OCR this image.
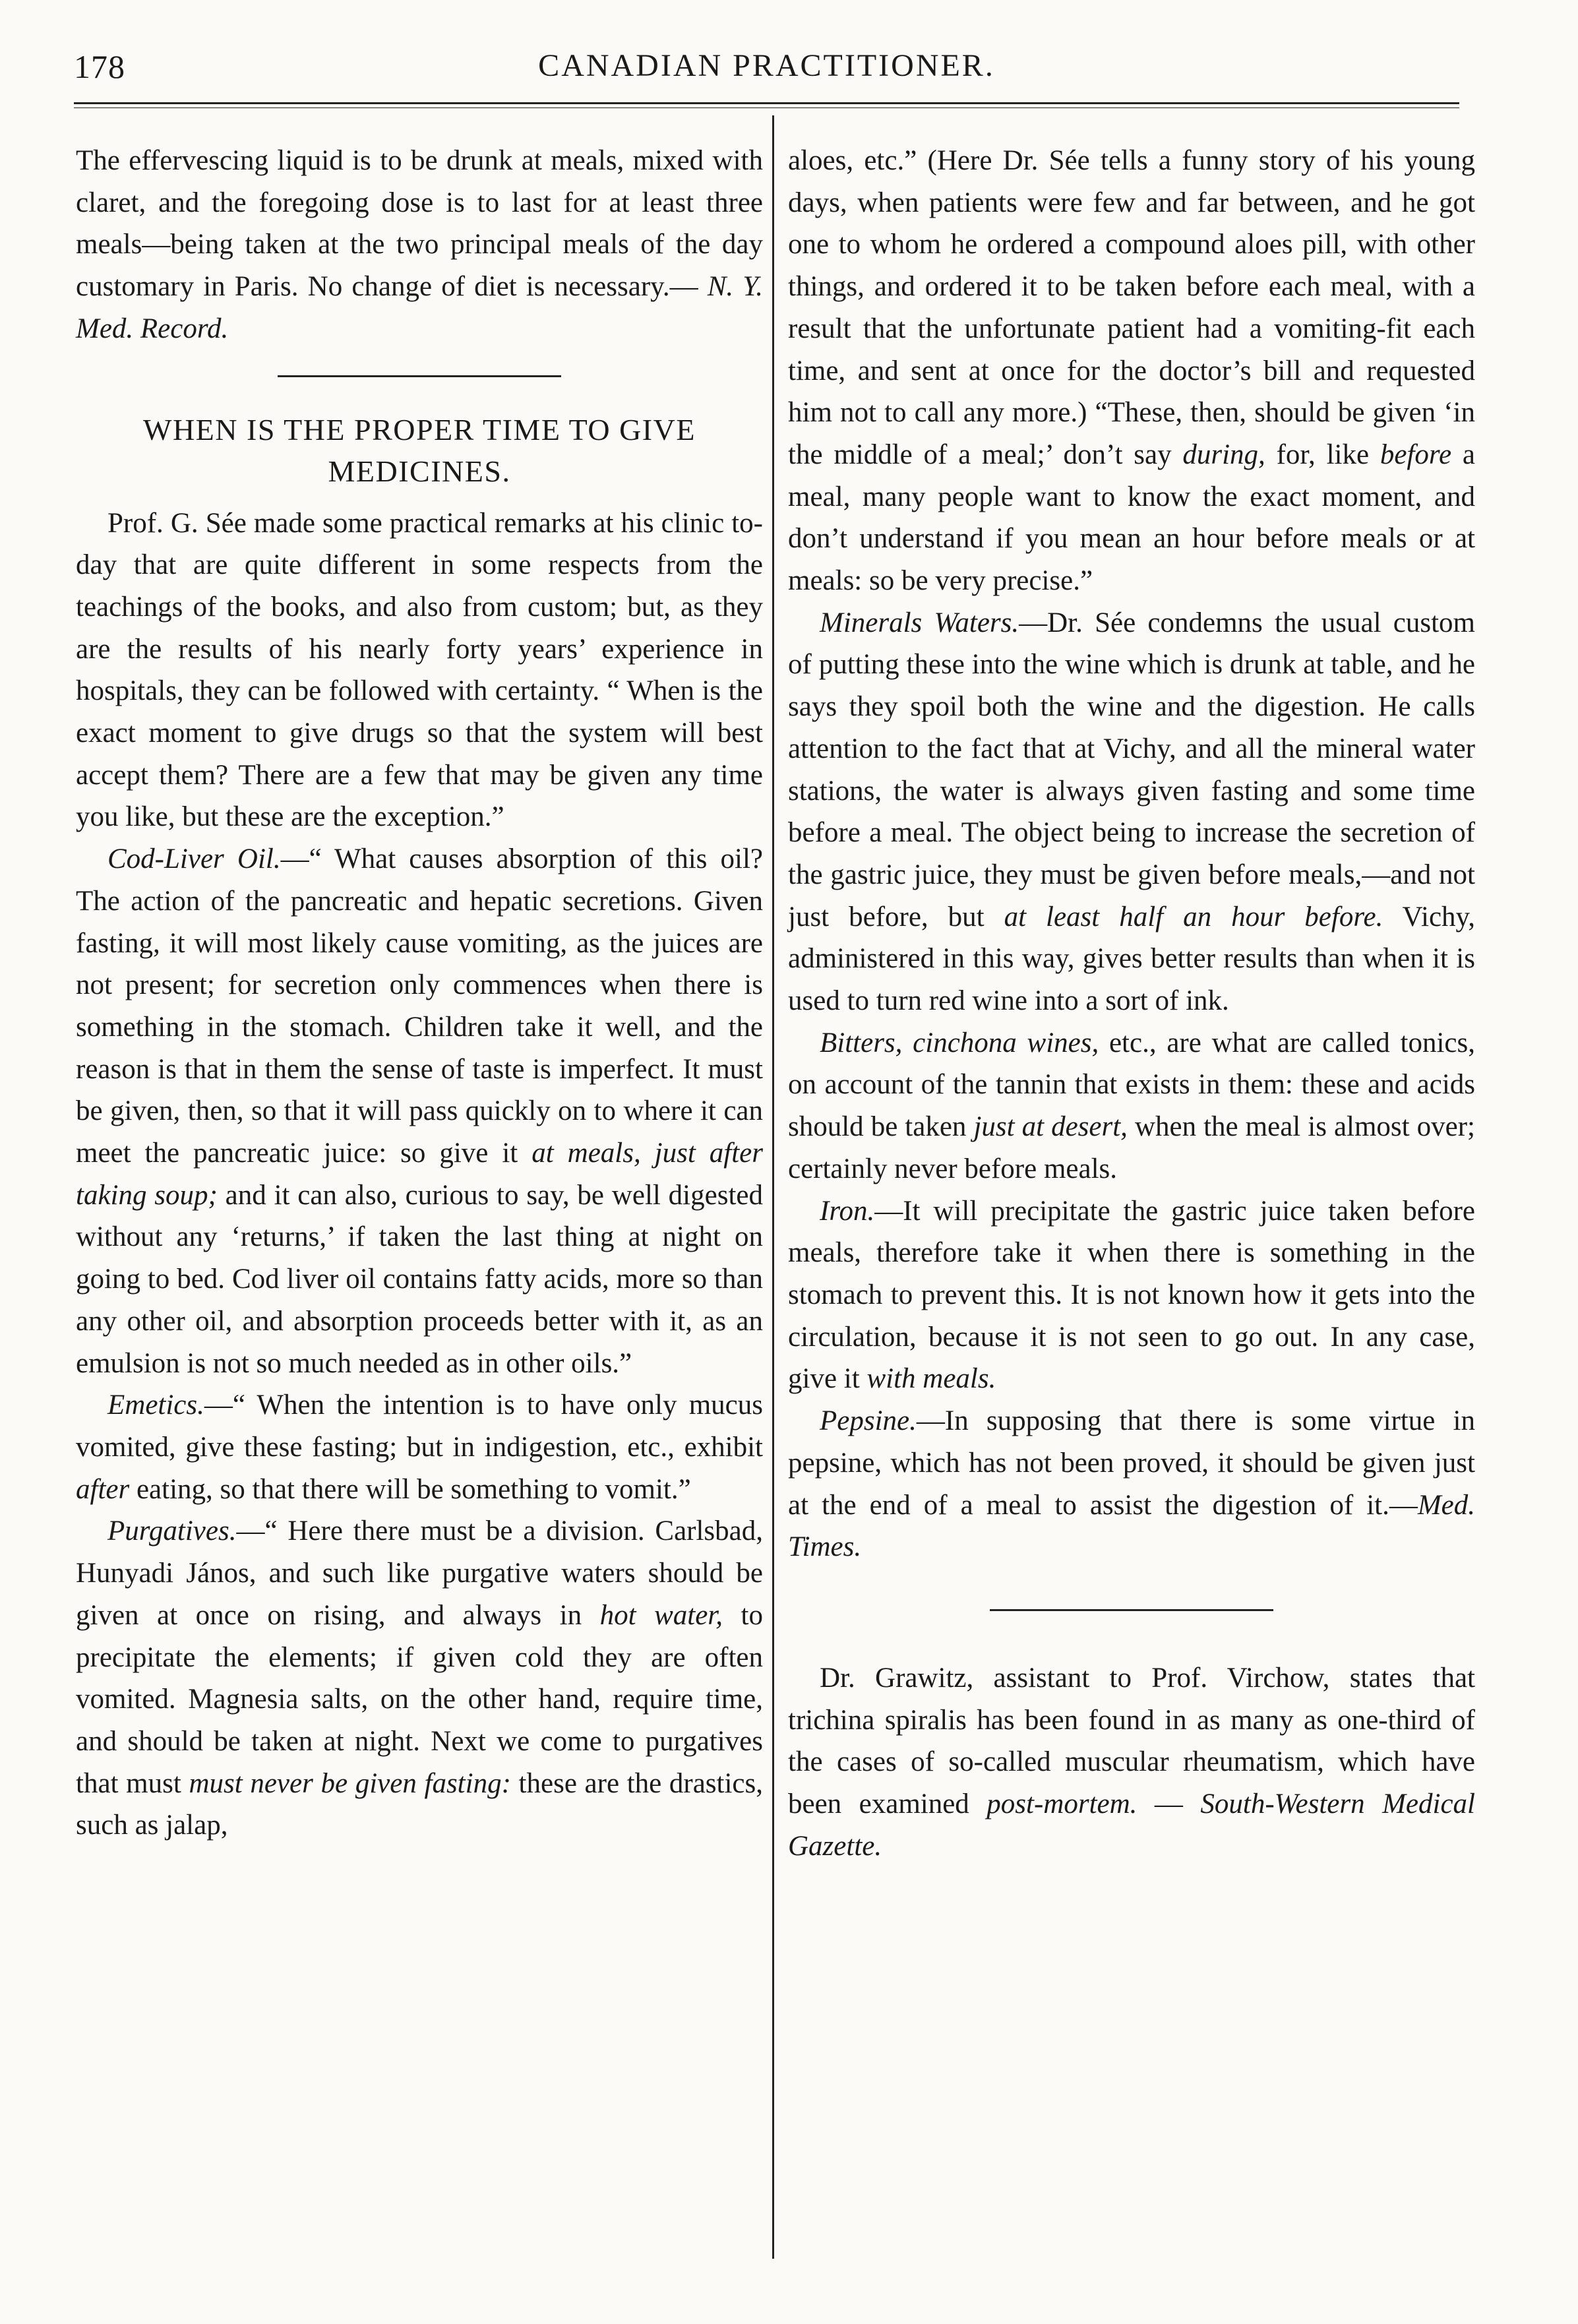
178	CANADIAN PRACTITIONER.

The effervescing liquid is to be drunk at meals, mixed with claret, and the foregoing dose is to last for at least three meals—being taken at the two principal meals of the day customary in Paris. No change of diet is necessary.— N. Y. Med. Record.

WHEN IS THE PROPER TIME TO GIVE MEDICINES.

Prof. G. Sée made some practical remarks at his clinic to-day that are quite different in some respects from the teachings of the books, and also from custom; but, as they are the results of his nearly forty years’ experience in hospitals, they can be followed with certainty. “ When is the exact moment to give drugs so that the system will best accept them? There are a few that may be given any time you like, but these are the exception.”

Cod-Liver Oil.—“ What causes absorption of this oil? The action of the pancreatic and hepatic secretions. Given fasting, it will most likely cause vomiting, as the juices are not present; for secretion only commences when there is something in the stomach. Children take it well, and the reason is that in them the sense of taste is imperfect. It must be given, then, so that it will pass quickly on to where it can meet the pancreatic juice: so give it at meals, just after taking soup; and it can also, curious to say, be well digested without any ‘returns,’ if taken the last thing at night on going to bed. Cod liver oil contains fatty acids, more so than any other oil, and absorption proceeds better with it, as an emulsion is not so much needed as in other oils.”

Emetics.—“ When the intention is to have only mucus vomited, give these fasting; but in indigestion, etc., exhibit after eating, so that there will be something to vomit.”

Purgatives.—“ Here there must be a division. Carlsbad, Hunyadi János, and such like purgative waters should be given at once on rising, and always in hot water, to precipitate the elements; if given cold they are often vomited. Magnesia salts, on the other hand, require time, and should be taken at night. Next we come to purgatives that must must never be given fasting: these are the drastics, such as jalap,

aloes, etc.” (Here Dr. Sée tells a funny story of his young days, when patients were few and far between, and he got one to whom he ordered a compound aloes pill, with other things, and ordered it to be taken before each meal, with a result that the unfortunate patient had a vomiting-fit each time, and sent at once for the doctor’s bill and requested him not to call any more.) “These, then, should be given ‘in the middle of a meal;’ don’t say during, for, like before a meal, many people want to know the exact moment, and don’t understand if you mean an hour before meals or at meals: so be very precise.”

Minerals Waters.—Dr. Sée condemns the usual custom of putting these into the wine which is drunk at table, and he says they spoil both the wine and the digestion. He calls attention to the fact that at Vichy, and all the mineral water stations, the water is always given fasting and some time before a meal. The object being to increase the secretion of the gastric juice, they must be given before meals,—and not just before, but at least half an hour before. Vichy, administered in this way, gives better results than when it is used to turn red wine into a sort of ink.

Bitters, cinchona wines, etc., are what are called tonics, on account of the tannin that exists in them: these and acids should be taken just at desert, when the meal is almost over; certainly never before meals.

Iron.—It will precipitate the gastric juice taken before meals, therefore take it when there is something in the stomach to prevent this. It is not known how it gets into the circulation, because it is not seen to go out. In any case, give it with meals.

Pepsine.—In supposing that there is some virtue in pepsine, which has not been proved, it should be given just at the end of a meal to assist the digestion of it.—Med. Times.

Dr. Grawitz, assistant to Prof. Virchow, states that trichina spiralis has been found in as many as one-third of the cases of so-called muscular rheumatism, which have been examined post-mortem. — South-Western Medical Gazette.
